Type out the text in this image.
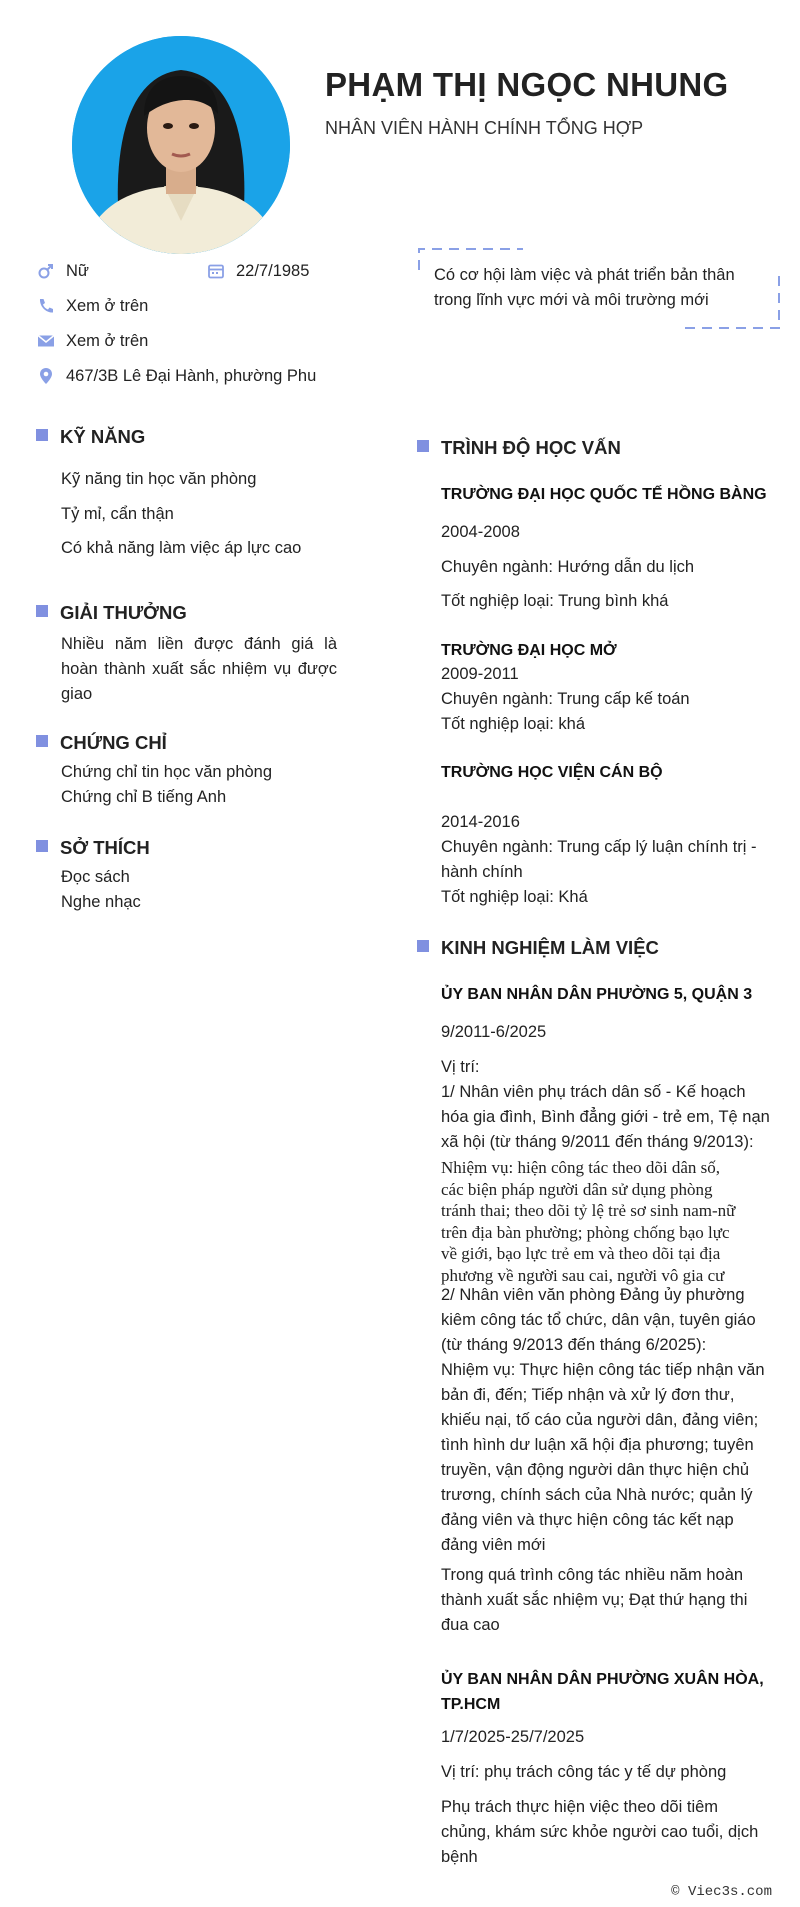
PHẠM THỊ NGỌC NHUNG
NHÂN VIÊN HÀNH CHÍNH TỔNG HỢP
Nữ	22/7/1985
Xem ở trên
Xem ở trên
467/3B Lê Đại Hành, phường Phu
Có cơ hội làm việc và phát triển bản thân
trong lĩnh vực mới và môi trường mới
KỸ NĂNG
Kỹ năng tin học văn phòng
Tỷ mỉ, cẩn thận
Có khả năng làm việc áp lực cao
GIẢI THƯỞNG
Nhiều năm liền được đánh giá là
hoàn thành xuất sắc nhiệm vụ được
giao
CHỨNG CHỈ
Chứng chỉ tin học văn phòng
Chứng chỉ B tiếng Anh
SỞ THÍCH
Đọc sách
Nghe nhạc
TRÌNH ĐỘ HỌC VẤN
TRƯỜNG ĐẠI HỌC QUỐC TẾ HỒNG BÀNG
2004-2008
Chuyên ngành: Hướng dẫn du lịch
Tốt nghiệp loại: Trung bình khá
TRƯỜNG ĐẠI HỌC MỞ
2009-2011
Chuyên ngành: Trung cấp kế toán
Tốt nghiệp loại: khá
TRƯỜNG HỌC VIỆN CÁN BỘ
2014-2016
Chuyên ngành: Trung cấp lý luận chính trị -
hành chính
Tốt nghiệp loại: Khá
KINH NGHIỆM LÀM VIỆC
ỦY BAN NHÂN DÂN PHƯỜNG 5, QUẬN 3
9/2011-6/2025
Vị trí:
1/ Nhân viên phụ trách dân số - Kế hoạch
hóa gia đình, Bình đẳng giới - trẻ em, Tệ nạn
xã hội (từ tháng 9/2011 đến tháng 9/2013):
Nhiệm vụ: hiện công tác theo dõi dân số,
các biện pháp người dân sử dụng phòng
tránh thai; theo dõi tỷ lệ trẻ sơ sinh nam-nữ
trên địa bàn phường; phòng chống bạo lực
về giới, bạo lực trẻ em và theo dõi tại địa
phương về người sau cai, người vô gia cư
2/ Nhân viên văn phòng Đảng ủy phường
kiêm công tác tổ chức, dân vận, tuyên giáo
(từ tháng 9/2013 đến tháng 6/2025):
Nhiệm vụ: Thực hiện công tác tiếp nhận văn
bản đi, đến; Tiếp nhận và xử lý đơn thư,
khiếu nại, tố cáo của người dân, đảng viên;
tình hình dư luận xã hội địa phương; tuyên
truyền, vận động người dân thực hiện chủ
trương, chính sách của Nhà nước; quản lý
đảng viên và thực hiện công tác kết nạp
đảng viên mới
Trong quá trình công tác nhiều năm hoàn
thành xuất sắc nhiệm vụ; Đạt thứ hạng thi
đua cao
ỦY BAN NHÂN DÂN PHƯỜNG XUÂN HÒA,
TP.HCM
1/7/2025-25/7/2025
Vị trí: phụ trách công tác y tế dự phòng
Phụ trách thực hiện việc theo dõi tiêm
chủng, khám sức khỏe người cao tuổi, dịch
bệnh
© Viec3s.com
